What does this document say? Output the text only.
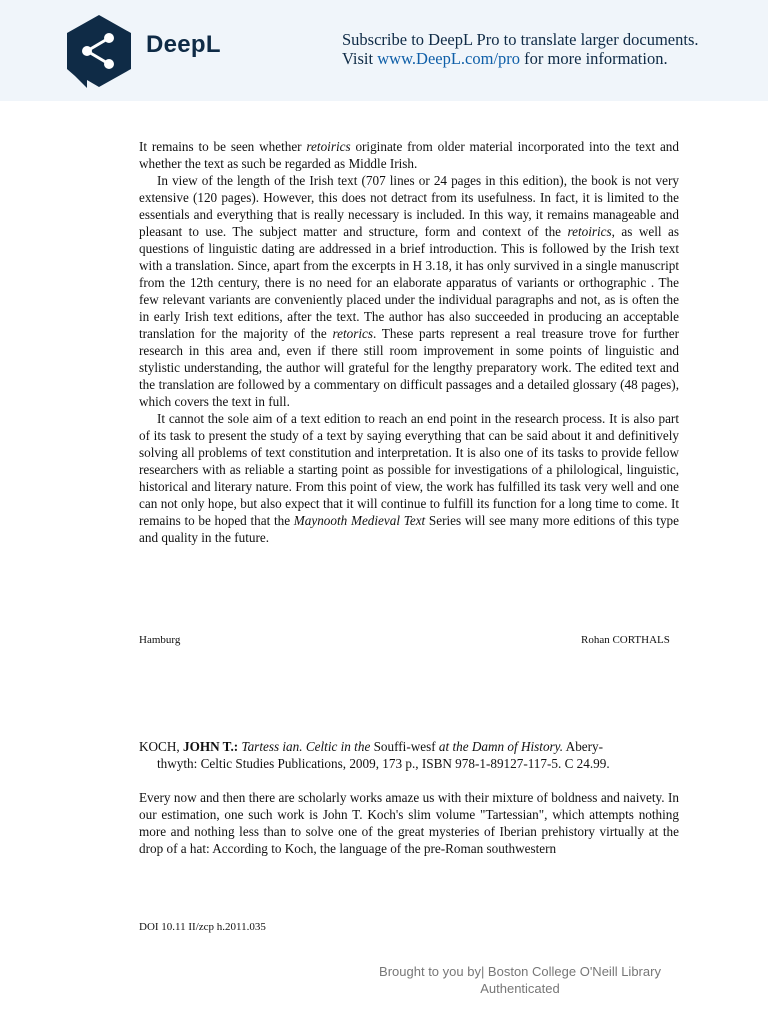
DeepL	Subscribe to DeepL Pro to translate larger documents.
Visit www.DeepL.com/pro for more information.

It remains to be seen whether retoirics originate from older material incorporated into the text and whether the text as such be regarded as Middle Irish.

In view of the length of the Irish text (707 lines or 24 pages in this edition), the book is not very extensive (120 pages). However, this does not detract from its usefulness. In fact, it is limited to the essentials and everything that is really necessary is included. In this way, it remains manageable and pleasant to use. The subject matter and structure, form and context of the retoirics, as well as questions of linguistic dating are addressed in a brief introduction. This is followed by the Irish text with a translation. Since, apart from the excerpts in H 3.18, it has only survived in a single manuscript from the 12th century, there is no need for an elaborate apparatus of variants or orthographic . The few relevant variants are conveniently placed under the individual paragraphs and not, as is often the in early Irish text editions, after the text. The author has also succeeded in producing an acceptable translation for the majority of the retorics. These parts represent a real treasure trove for further research in this area and, even if there still room improvement in some points of linguistic and stylistic understanding, the author will grateful for the lengthy preparatory work. The edited text and the translation are followed by a commentary on difficult passages and a detailed glossary (48 pages), which covers the text in full.

It cannot the sole aim of a text edition to reach an end point in the research process. It is also part of its task to present the study of a text by saying everything that can be said about it and definitively solving all problems of text constitution and interpretation. It is also one of its tasks to provide fellow researchers with as reliable a starting point as possible for investigations of a philological, linguistic, historical and literary nature. From this point of view, the work has fulfilled its task very well and one can not only hope, but also expect that it will continue to fulfill its function for a long time to come. It remains to be hoped that the Maynooth Medieval Text Series will see many more editions of this type and quality in the future.

Hamburg	Rohan CORTHALS
KOCH, JOHN T.: Tartess ian. Celtic in the Souffi-wesf at the Damn of History. Abery-
thwyth: Celtic Studies Publications, 2009, 173 p., ISBN 978-1-89127-117-5. C 24.99.
Every now and then there are scholarly works amaze us with their mixture of boldness and naivety. In our estimation, one such work is John T. Koch's slim volume "Tartessian", which attempts nothing more and nothing less than to solve one of the great mysteries of Iberian prehistory virtually at the drop of a hat: According to Koch, the language of the pre-Roman southwestern
DOI 10.11 II/zcp h.2011.035
Brought to you by| Boston College O'Neill Library
Authenticated
